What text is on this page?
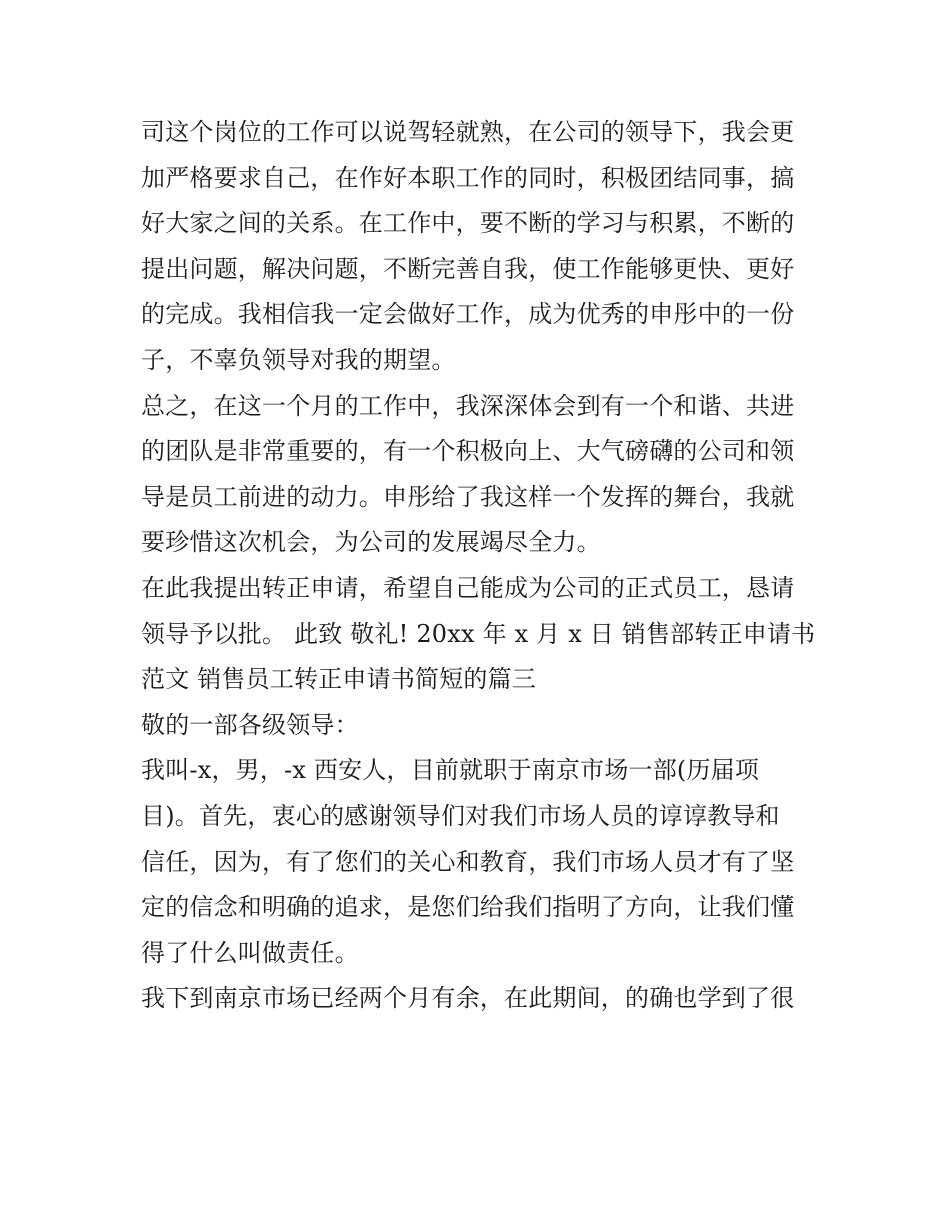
司这个岗位的工作可以说驾轻就熟，在公司的领导下，我会更
加严格要求自己，在作好本职工作的同时，积极团结同事，搞
好大家之间的关系。在工作中，要不断的学习与积累，不断的
提出问题，解决问题，不断完善自我，使工作能够更快、更好
的完成。我相信我一定会做好工作，成为优秀的申彤中的一份
子，不辜负领导对我的期望。
总之，在这一个月的工作中，我深深体会到有一个和谐、共进
的团队是非常重要的，有一个积极向上、大气磅礴的公司和领
导是员工前进的动力。申彤给了我这样一个发挥的舞台，我就
要珍惜这次机会，为公司的发展竭尽全力。
在此我提出转正申请，希望自己能成为公司的正式员工，恳请
领导予以批。 此致 敬礼! 20xx 年 x 月 x 日 销售部转正申请书
范文 销售员工转正申请书简短的篇三
敬的一部各级领导：
我叫-x，男，-x 西安人，目前就职于南京市场一部(历届项
目)。首先，衷心的感谢领导们对我们市场人员的谆谆教导和
信任，因为，有了您们的关心和教育，我们市场人员才有了坚
定的信念和明确的追求，是您们给我们指明了方向，让我们懂
得了什么叫做责任。
我下到南京市场已经两个月有余，在此期间，的确也学到了很
